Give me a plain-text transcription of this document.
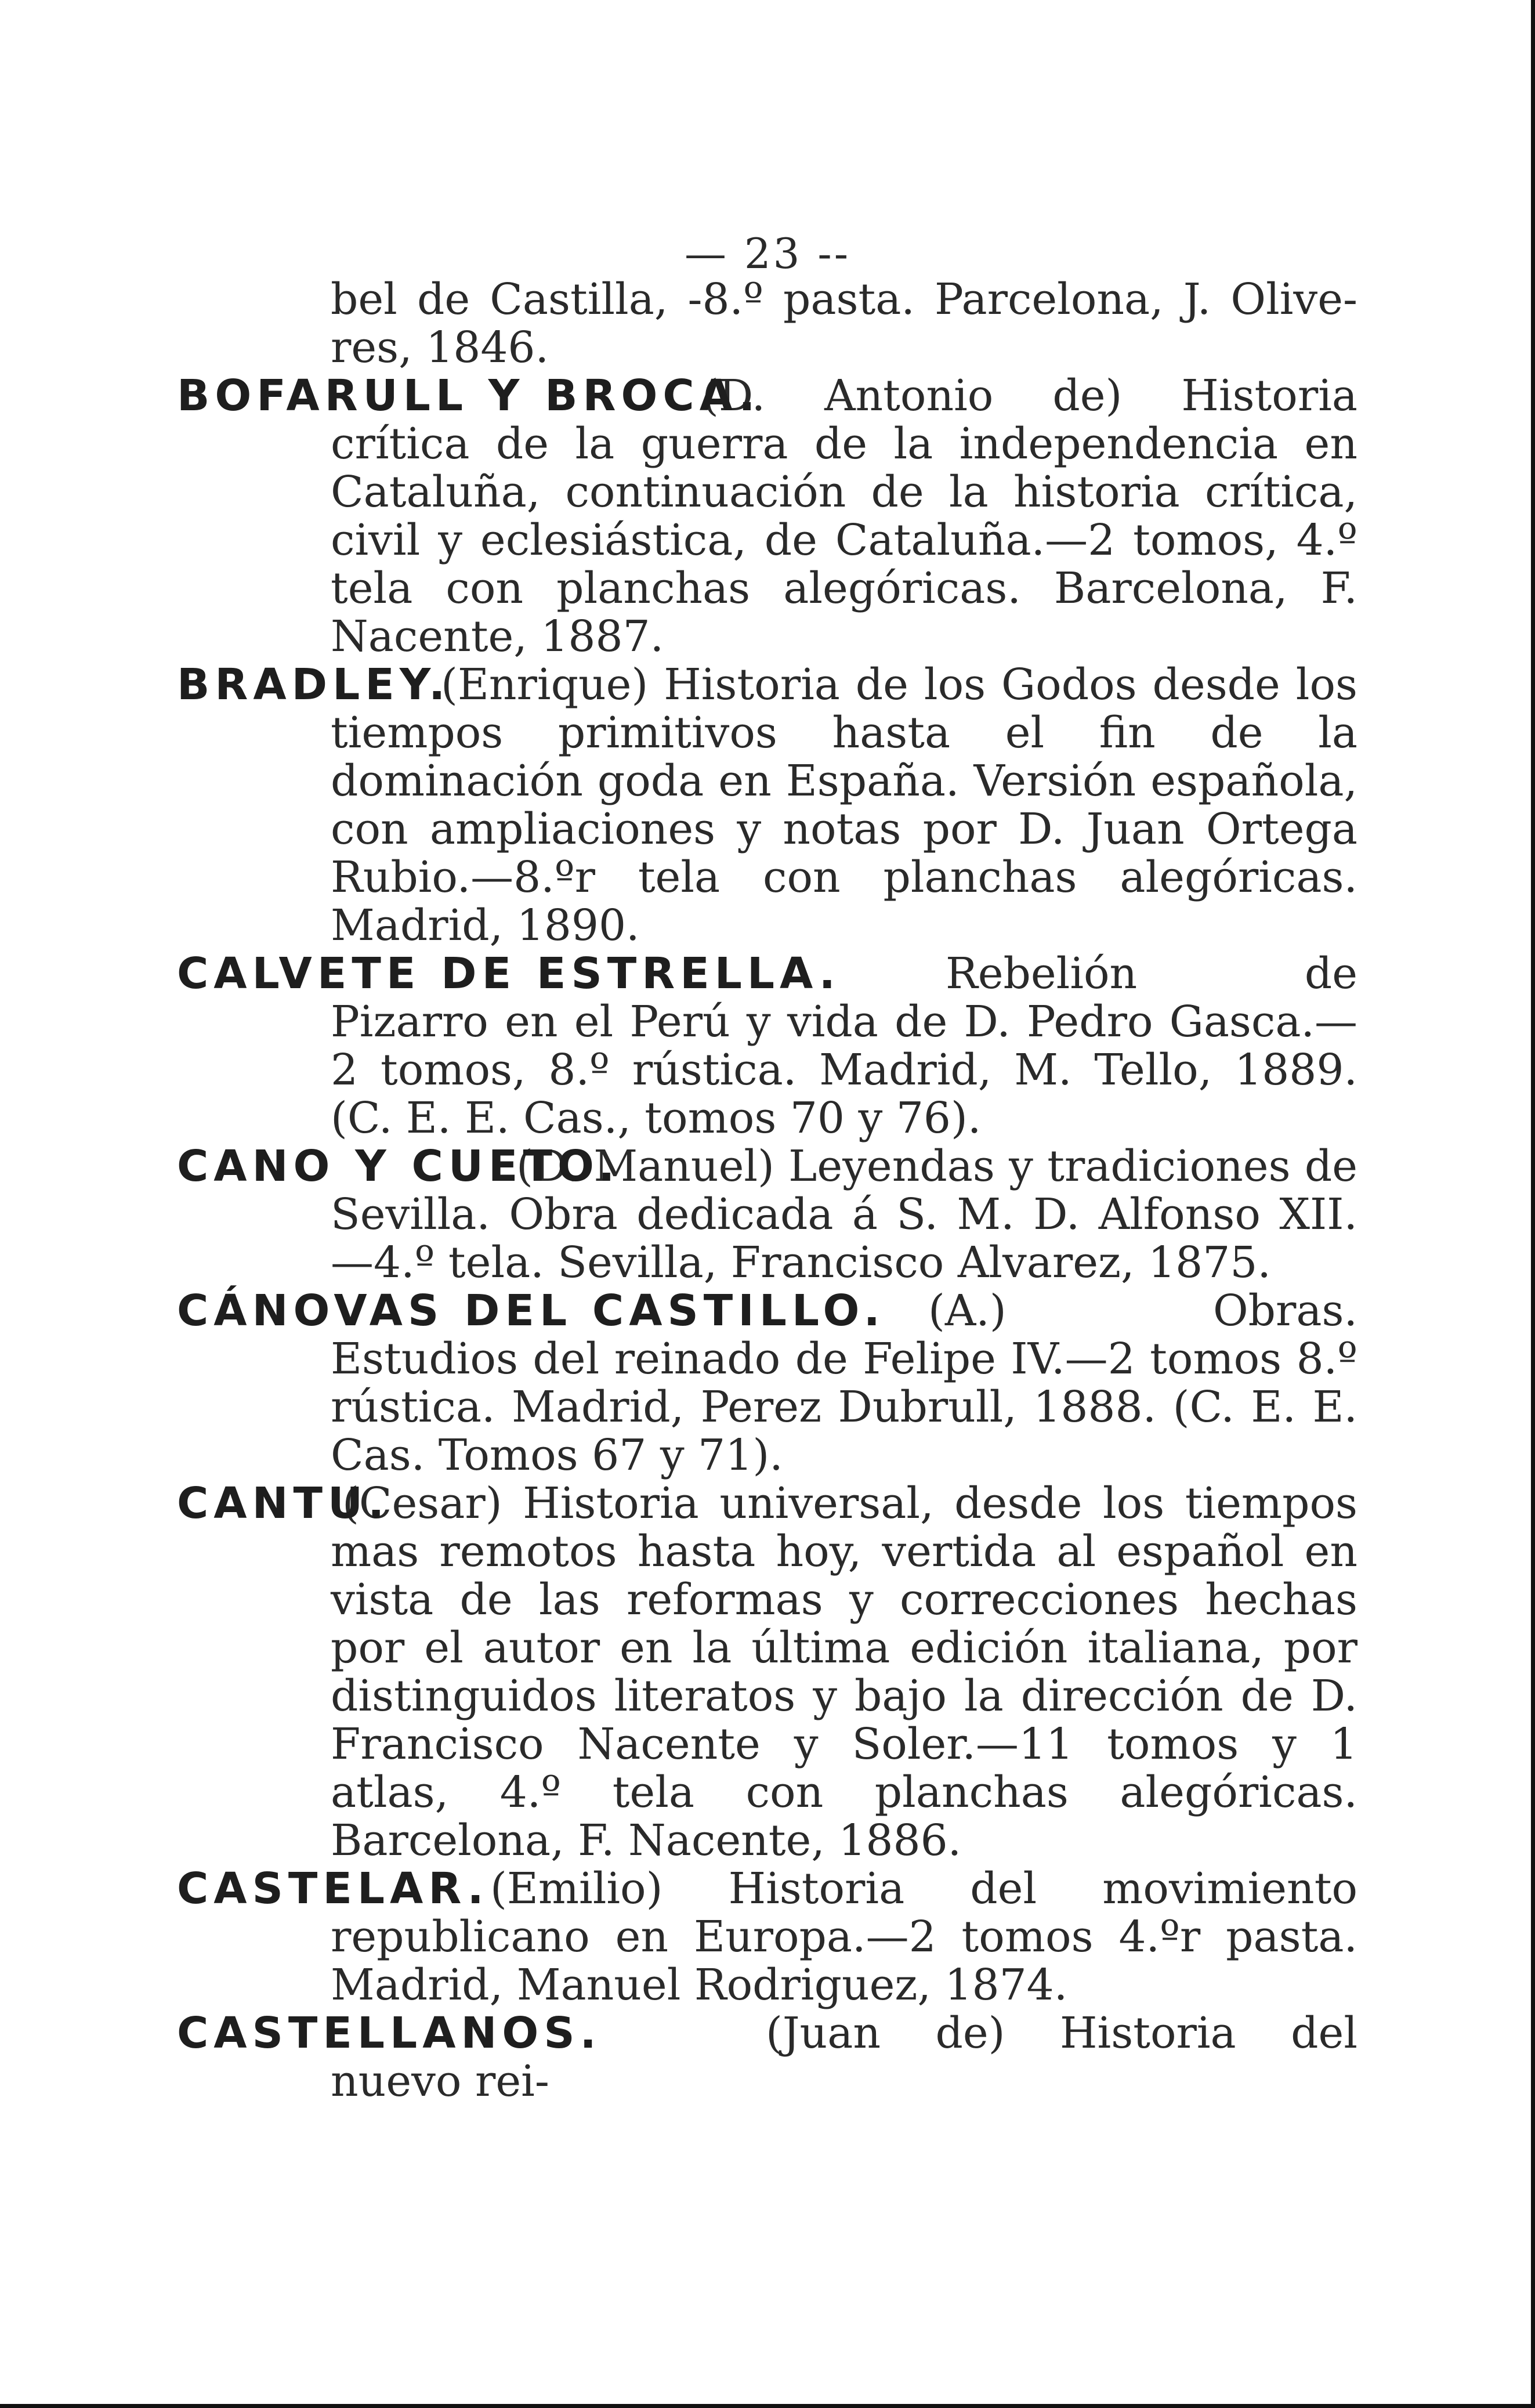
— 23 --
bel de Castilla, -8.º pasta. Parcelona, J. Olive-res, 1846.
BOFARULL Y BROCA.
(D. Antonio de) Historia crítica de la guerra de la independencia en Cataluña, continuación de la historia crítica, civil y eclesiástica, de Cataluña.—2 tomos, 4.º tela con planchas alegóricas. Barcelona, F. Nacente, 1887.
BRADLEY.
(Enrique) Historia de los Godos desde los tiempos primitivos hasta el fin de la dominación goda en España. Versión española, con ampliaciones y notas por D. Juan Ortega Rubio.—8.ºr tela con planchas alegóricas. Madrid, 1890.
CALVETE DE ESTRELLA. Rebelión de Pizarro en el Perú y vida de D. Pedro Gasca.—2 tomos, 8.º rústica. Madrid, M. Tello, 1889. (C. E. E. Cas., tomos 70 y 76).
CANO Y CUETO.
(D. Manuel) Leyendas y tradiciones de Sevilla. Obra dedicada á S. M. D. Alfonso XII.—4.º tela. Sevilla, Francisco Alvarez, 1875.
CÁNOVAS DEL CASTILLO. (A.) Obras. Estudios del reinado de Felipe IV.—2 tomos 8.º rústica. Madrid, Perez Dubrull, 1888. (C. E. E. Cas. Tomos 67 y 71).
CANTU.
(Cesar) Historia universal, desde los tiempos mas remotos hasta hoy, vertida al español en vista de las reformas y correcciones hechas por el autor en la última edición italiana, por distinguidos literatos y bajo la dirección de D. Francisco Nacente y Soler.—11 tomos y 1 atlas, 4.º tela con planchas alegóricas. Barcelona, F. Nacente, 1886.
CASTELAR. (Emilio) Historia del movimiento republicano en Europa.—2 tomos 4.ºr pasta. Madrid, Manuel Rodriguez, 1874.
CASTELLANOS.	(Juan de) Historia del nuevo rei-
